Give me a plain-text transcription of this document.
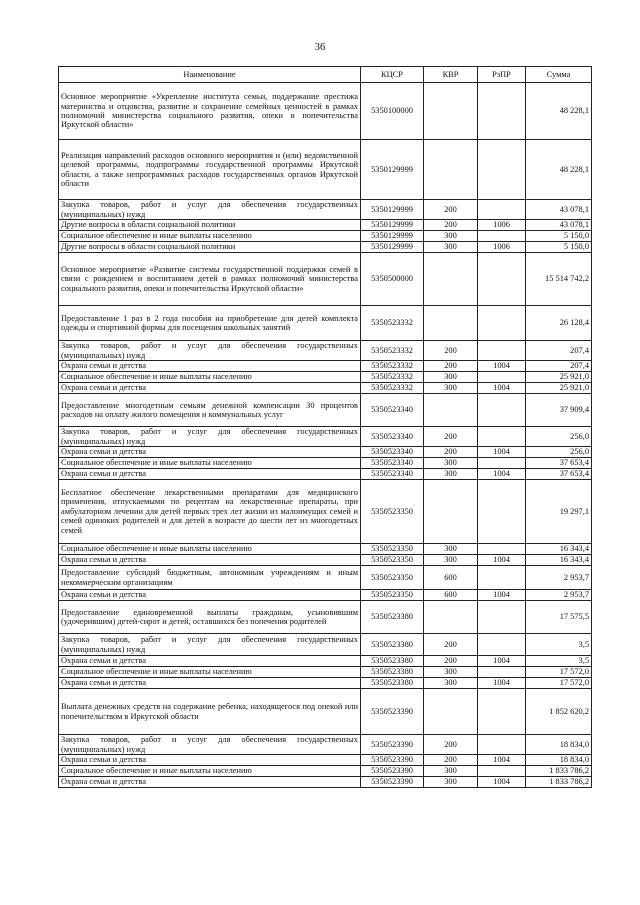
36
Наименование	КЦСР	КВР	РзПР	Сумма
Основное мероприятие «Укрепление института семьи, поддержание престижа материнства и отцовства, развитие и сохранение семейных ценностей в рамках полномочий министерства социального развития, опеки и попечительства Иркутской области»	5350100000			48 228,1
Реализация направлений расходов основного мероприятия и (или) ведомственной целевой программы, подпрограммы государственной программы Иркутской области, а также непрограммных расходов государственных органов Иркутской области	5350129999			48 228,1
Закупка товаров, работ и услуг для обеспечения государственных (муниципальных) нужд	5350129999	200		43 078,1
Другие вопросы в области социальной политики	5350129999	200	1006	43 078,1
Социальное обеспечение и иные выплаты населению	5350129999	300		5 150,0
Другие вопросы в области социальной политики	5350129999	300	1006	5 150,0
Основное мероприятие «Развитие системы государственной поддержки семей в связи с рождением и воспитанием детей в рамках полномочий министерства социального развития, опеки и попечительства Иркутской области»	5350500000			15 514 742,2
Предоставление 1 раз в 2 года пособия на приобретение для детей комплекта одежды и спортивной формы для посещения школьных занятий	5350523332			26 128,4
Закупка товаров, работ и услуг для обеспечения государственных (муниципальных) нужд	5350523332	200		207,4
Охрана семьи и детства	5350523332	200	1004	207,4
Социальное обеспечение и иные выплаты населению	5350523332	300		25 921,0
Охрана семьи и детства	5350523332	300	1004	25 921,0
Предоставление многодетным семьям денежной компенсации 30 процентов расходов на оплату жилого помещения и коммунальных услуг	5350523340			37 909,4
Закупка товаров, работ и услуг для обеспечения государственных (муниципальных) нужд	5350523340	200		256,0
Охрана семьи и детства	5350523340	200	1004	256,0
Социальное обеспечение и иные выплаты населению	5350523340	300		37 653,4
Охрана семьи и детства	5350523340	300	1004	37 653,4
Бесплатное обеспечение лекарственными препаратами для медицинского применения, отпускаемыми по рецептам на лекарственные препараты, при амбулаторном лечении для детей первых трех лет жизни из малоимущих семей и семей одиноких родителей и для детей в возрасте до шести лет из многодетных семей	5350523350			19 297,1
Социальное обеспечение и иные выплаты населению	5350523350	300		16 343,4
Охрана семьи и детства	5350523350	300	1004	16 343,4
Предоставление субсидий бюджетным, автономным учреждениям и иным некоммерческим организациям	5350523350	600		2 953,7
Охрана семьи и детства	5350523350	600	1004	2 953,7
Предоставление единовременной выплаты гражданам, усыновившим (удочерившим) детей-сирот и детей, оставшихся без попечения родителей	5350523380			17 575,5
Закупка товаров, работ и услуг для обеспечения государственных (муниципальных) нужд	5350523380	200		3,5
Охрана семьи и детства	5350523380	200	1004	3,5
Социальное обеспечение и иные выплаты населению	5350523380	300		17 572,0
Охрана семьи и детства	5350523380	300	1004	17 572,0
Выплата денежных средств на содержание ребенка, находящегося под опекой или попечительством в Иркутской области	5350523390			1 852 620,2
Закупка товаров, работ и услуг для обеспечения государственных (муниципальных) нужд	5350523390	200		18 834,0
Охрана семьи и детства	5350523390	200	1004	18 834,0
Социальное обеспечение и иные выплаты населению	5350523390	300		1 833 786,2
Охрана семьи и детства	5350523390	300	1004	1 833 786,2
